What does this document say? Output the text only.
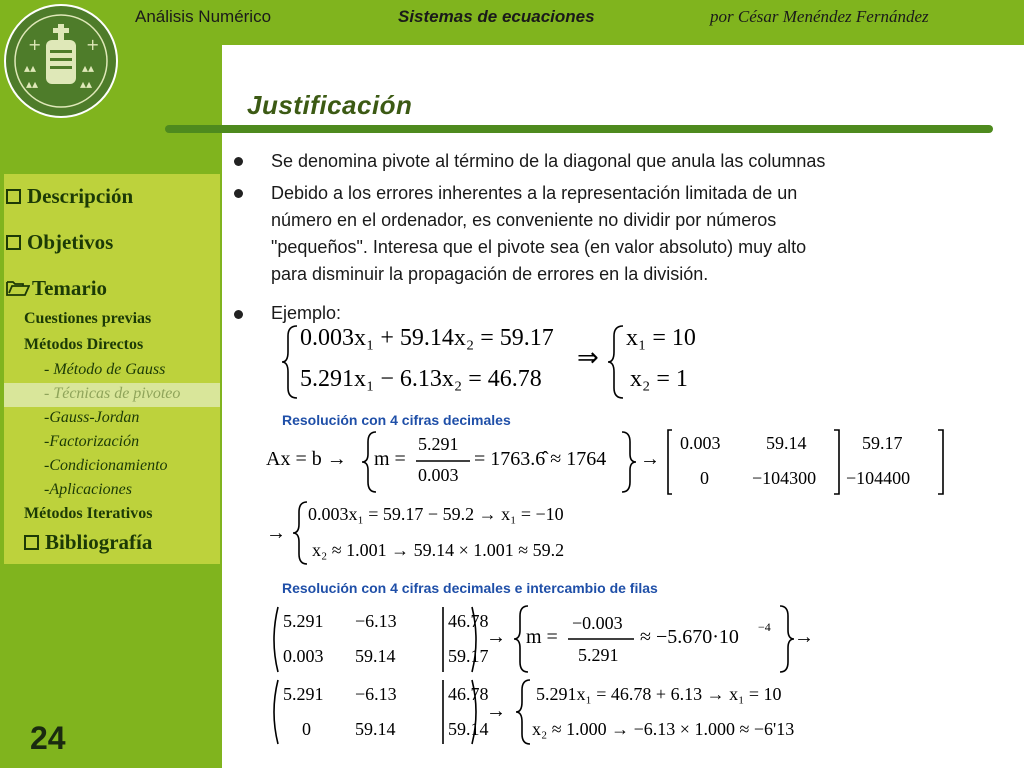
+	+
▴▴	▴▴
▴▴	▴▴
Análisis Numérico	Sistemas de ecuaciones	por César Menéndez Fernández
Justificación
Descripción
Objetivos
Temario
Cuestiones previas
Métodos Directos
- Método de Gauss
- Técnicas de pivoteo
-Gauss-Jordan
-Factorización
-Condicionamiento
-Aplicaciones
Métodos Iterativos
Bibliografía
Se denomina pivote al término de la diagonal que anula las columnas
Debido a los errores inherentes a la representación limitada de un
número en el ordenador, es conveniente no dividir por números
"pequeños". Interesa que el pivote sea (en valor absoluto) muy alto
para disminuir la propagación de errores en la división.
Ejemplo:
0.003x₁ + 59.14x₂ = 59.17
5.291x₁ − 6.13x₂ = 46.78
⇒
x₁ = 10
x₂ = 1
Resolución con 4 cifras decimales
Ax = b → m =
5.291
0.003
= 1763.6̂ ≈ 1764 →
0.003	59.14	59.17
0 −104300 −104400
→
0.003x₁ = 59.17 − 59.2 → x₁ = −10
x₂ ≈ 1.001 → 59.14 × 1.001 ≈ 59.2
Resolución con 4 cifras decimales e intercambio de filas
5.291 −6.13	46.78
0.003 59.14	59.17
→ m =
−0.003
5.291
≈ −5.670·10 −4 →
5.291 −6.13	46.78
0 59.14	59.14
→
5.291x₁ = 46.78 + 6.13 → x₁ = 10
x₂ ≈ 1.000 → −6.13 × 1.000 ≈ −6'13
24
